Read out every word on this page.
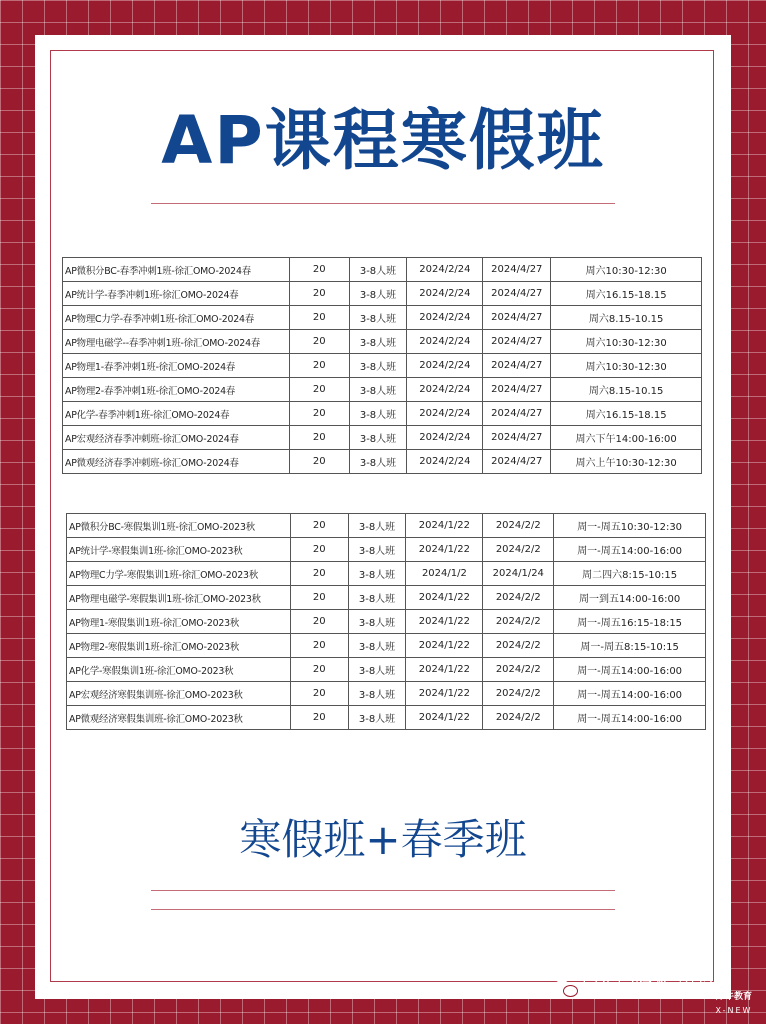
AP课程寒假班
AP微积分BC-春季冲刺1班-徐汇OMO-2024春	20	3-8人班	2024/2/24	2024/4/27	周六10:30-12:30
AP统计学-春季冲刺1班-徐汇OMO-2024春	20	3-8人班	2024/2/24	2024/4/27	周六16.15-18.15
AP物理C力学-春季冲刺1班-徐汇OMO-2024春	20	3-8人班	2024/2/24	2024/4/27	周六8.15-10.15
AP物理电磁学--春季冲刺1班-徐汇OMO-2024春	20	3-8人班	2024/2/24	2024/4/27	周六10:30-12:30
AP物理1-春季冲刺1班-徐汇OMO-2024春	20	3-8人班	2024/2/24	2024/4/27	周六10:30-12:30
AP物理2-春季冲刺1班-徐汇OMO-2024春	20	3-8人班	2024/2/24	2024/4/27	周六8.15-10.15
AP化学-春季冲刺1班-徐汇OMO-2024春	20	3-8人班	2024/2/24	2024/4/27	周六16.15-18.15
AP宏观经济春季冲刺班-徐汇OMO-2024春	20	3-8人班	2024/2/24	2024/4/27	周六下午14:00-16:00
AP微观经济春季冲刺班-徐汇OMO-2024春	20	3-8人班	2024/2/24	2024/4/27	周六上午10:30-12:30
AP微积分BC-寒假集训1班-徐汇OMO-2023秋	20	3-8人班	2024/1/22	2024/2/2	周一-周五10:30-12:30
AP统计学-寒假集训1班-徐汇OMO-2023秋	20	3-8人班	2024/1/22	2024/2/2	周一-周五14:00-16:00
AP物理C力学-寒假集训1班-徐汇OMO-2023秋	20	3-8人班	2024/1/2	2024/1/24	周二四六8:15-10:15
AP物理电磁学-寒假集训1班-徐汇OMO-2023秋	20	3-8人班	2024/1/22	2024/2/2	周一到五14:00-16:00
AP物理1-寒假集训1班-徐汇OMO-2023秋	20	3-8人班	2024/1/22	2024/2/2	周一-周五16:15-18:15
AP物理2-寒假集训1班-徐汇OMO-2023秋	20	3-8人班	2024/1/22	2024/2/2	周一-周五8:15-10:15
AP化学-寒假集训1班-徐汇OMO-2023秋	20	3-8人班	2024/1/22	2024/2/2	周一-周五14:00-16:00
AP宏观经济寒假集训班-徐汇OMO-2023秋	20	3-8人班	2024/1/22	2024/2/2	周一-周五14:00-16:00
AP微观经济寒假集训班-徐汇OMO-2023秋	20	3-8人班	2024/1/22	2024/2/2	周一-周五14:00-16:00
寒假班+春季班
犀牛国际教育培训
犀牛教育
X-NEW
